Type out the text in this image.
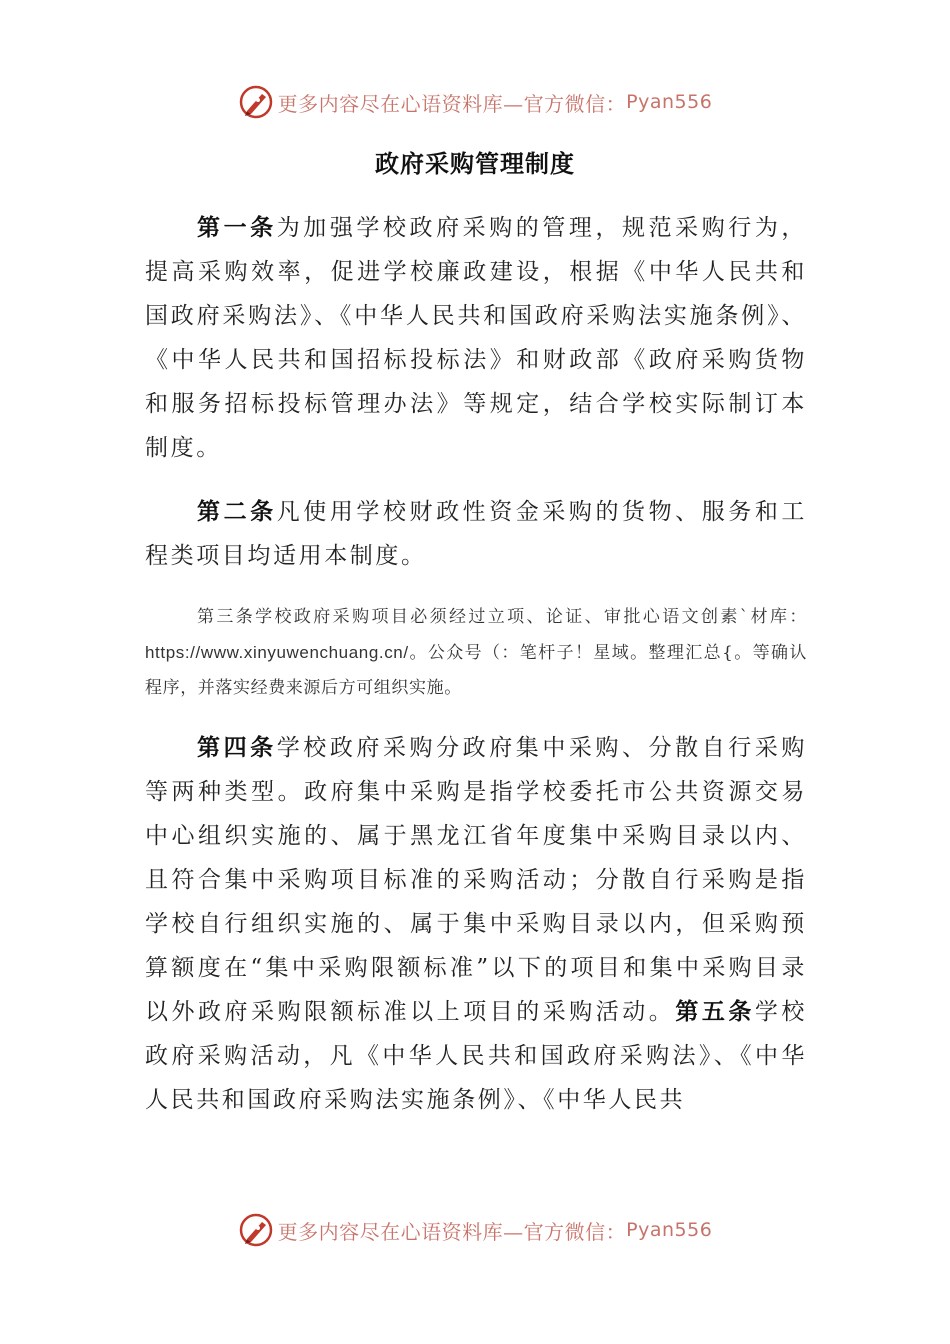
更多内容尽在心语资料库—官方微信： Pyan556
政府采购管理制度

第一条为加强学校政府采购的管理，规范采购行为，提高采购效率，促进学校廉政建设，根据《中华人民共和国政府采购法》、《中华人民共和国政府采购法实施条例》、《中华人民共和国招标投标法》和财政部《政府采购货物和服务招标投标管理办法》等规定，结合学校实际制订本制度。

第二条凡使用学校财政性资金采购的货物、服务和工程类项目均适用本制度。

第三条学校政府采购项目必须经过立项、论证、审批心语文创素`材库：https://www.xinyuwenchuang.cn/。公众号（：笔杆子！星域。整理汇总{。等确认程序，并落实经费来源后方可组织实施。

第四条学校政府采购分政府集中采购、分散自行采购等两种类型。政府集中采购是指学校委托市公共资源交易中心组织实施的、属于黑龙江省年度集中采购目录以内、且符合集中采购项目标准的采购活动；分散自行采购是指学校自行组织实施的、属于集中采购目录以内，但采购预算额度在“集中采购限额标准”以下的项目和集中采购目录以外政府采购限额标准以上项目的采购活动。第五条学校政府采购活动，凡《中华人民共和国政府采购法》、《中华人民共和国政府采购法实施条例》、《中华人民共

更多内容尽在心语资料库—官方微信： Pyan556
